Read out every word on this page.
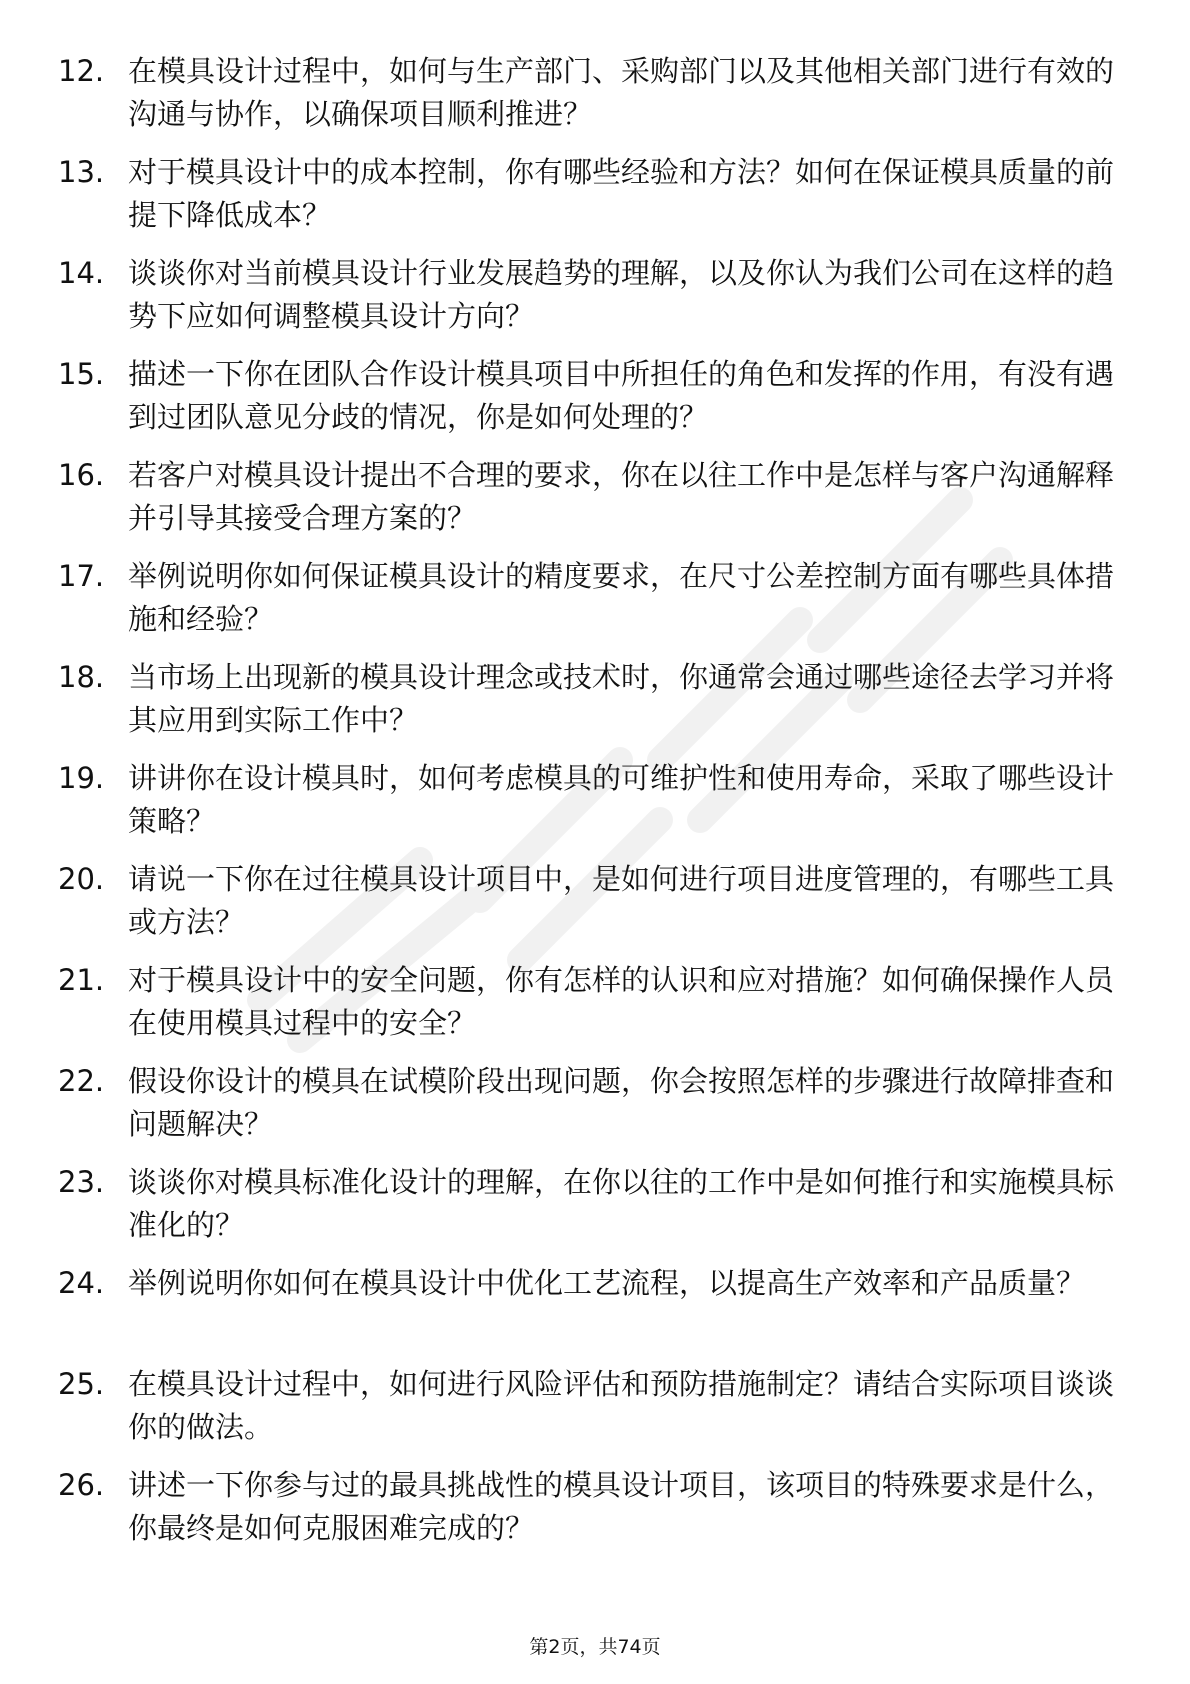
12. 在模具设计过程中，如何与生产部门、采购部门以及其他相关部门进行有效的沟通与协作，以确保项目顺利推进？
13. 对于模具设计中的成本控制，你有哪些经验和方法？如何在保证模具质量的前提下降低成本？
14. 谈谈你对当前模具设计行业发展趋势的理解，以及你认为我们公司在这样的趋势下应如何调整模具设计方向？
15. 描述一下你在团队合作设计模具项目中所担任的角色和发挥的作用，有没有遇到过团队意见分歧的情况，你是如何处理的？
16. 若客户对模具设计提出不合理的要求，你在以往工作中是怎样与客户沟通解释并引导其接受合理方案的？
17. 举例说明你如何保证模具设计的精度要求，在尺寸公差控制方面有哪些具体措施和经验？
18. 当市场上出现新的模具设计理念或技术时，你通常会通过哪些途径去学习并将其应用到实际工作中？
19. 讲讲你在设计模具时，如何考虑模具的可维护性和使用寿命，采取了哪些设计策略？
20. 请说一下你在过往模具设计项目中，是如何进行项目进度管理的，有哪些工具或方法？
21. 对于模具设计中的安全问题，你有怎样的认识和应对措施？如何确保操作人员在使用模具过程中的安全？
22. 假设你设计的模具在试模阶段出现问题，你会按照怎样的步骤进行故障排查和问题解决？
23. 谈谈你对模具标准化设计的理解，在你以往的工作中是如何推行和实施模具标准化的？
24. 举例说明你如何在模具设计中优化工艺流程，以提高生产效率和产品质量？
25. 在模具设计过程中，如何进行风险评估和预防措施制定？请结合实际项目谈谈你的做法。
26. 讲述一下你参与过的最具挑战性的模具设计项目，该项目的特殊要求是什么，你最终是如何克服困难完成的？
第2页，共74页
